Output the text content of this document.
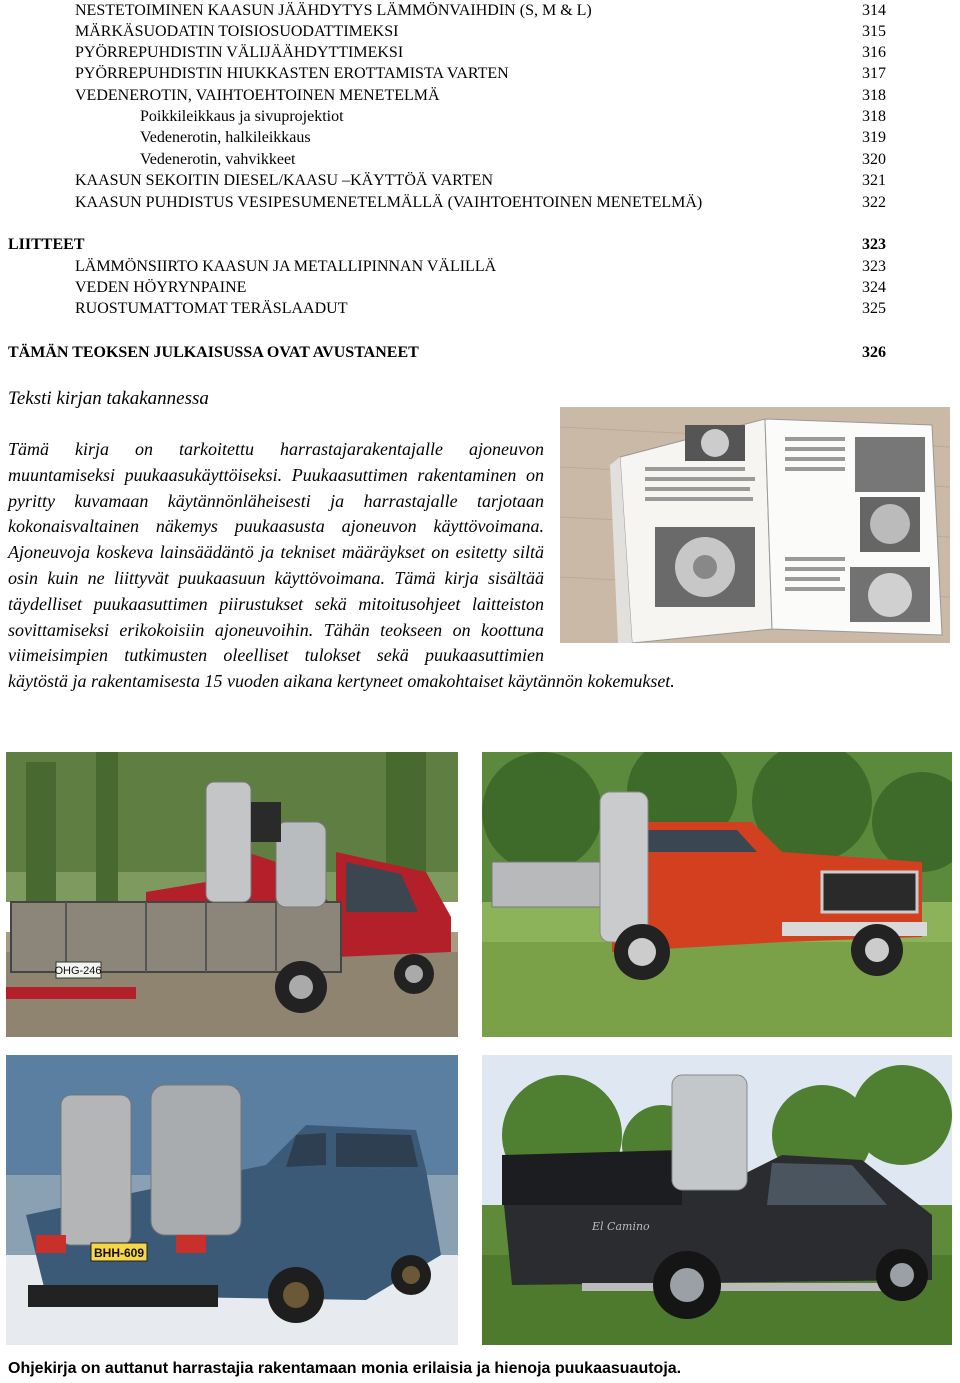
NESTETOIMINEN KAASUN JÄÄHDYTYS LÄMMÖNVAIHDIN (S, M & L)	314
MÄRKÄSUODATIN TOISIOSUODATTIMEKSI	315
PYÖRREPUHDISTIN VÄLIJÄÄHDYTTIMEKSI	316
PYÖRREPUHDISTIN HIUKKASTEN EROTTAMISTA VARTEN	317
VEDENEROTIN, VAIHTOEHTOINEN MENETELMÄ	318
Poikkileikkaus ja sivuprojektiot	318
Vedenerotin, halkileikkaus	319
Vedenerotin, vahvikkeet	320
KAASUN SEKOITIN DIESEL/KAASU –KÄYTTÖÄ VARTEN	321
KAASUN PUHDISTUS VESIPESUMENETELMÄLLÄ (VAIHTOEHTOINEN MENETELMÄ)	322
LIITTEET	323
LÄMMÖNSIIRTO KAASUN JA METALLIPINNAN VÄLILLÄ	323
VEDEN HÖYRYNPAINE	324
RUOSTUMATTOMAT TERÄSLAADUT	325
TÄMÄN TEOKSEN JULKAISUSSA OVAT AVUSTANEET	326
Teksti kirjan takakannessa
Tämä kirja on tarkoitettu harrastajarakentajalle ajoneuvon muuntamiseksi puukaasukäyttöiseksi. Puukaasuttimen rakentaminen on pyritty kuvamaan käytännönläheisesti ja harrastajalle tarjotaan kokonaisvaltainen näkemys puukaasusta ajoneuvon käyttövoimana. Ajoneuvoja koskeva lainsäädäntö ja tekniset määräykset on esitetty siltä osin kuin ne liittyvät puukaasuun käyttövoimana. Tämä kirja sisältää täydelliset puukaasuttimen piirustukset sekä mitoitusohjeet laitteiston sovittamiseksi erikokoisiin ajoneuvoihin. Tähän teokseen on koottuna viimeisimpien tutkimusten oleelliset tulokset sekä puukaasuttimien käytöstä ja rakentamisesta 15 vuoden aikana kertyneet omakohtaiset käytännön kokemukset.
OHG-246
BHH-609
El Camino
Ohjekirja on auttanut harrastajia rakentamaan monia erilaisia ja hienoja puukaasuautoja.
